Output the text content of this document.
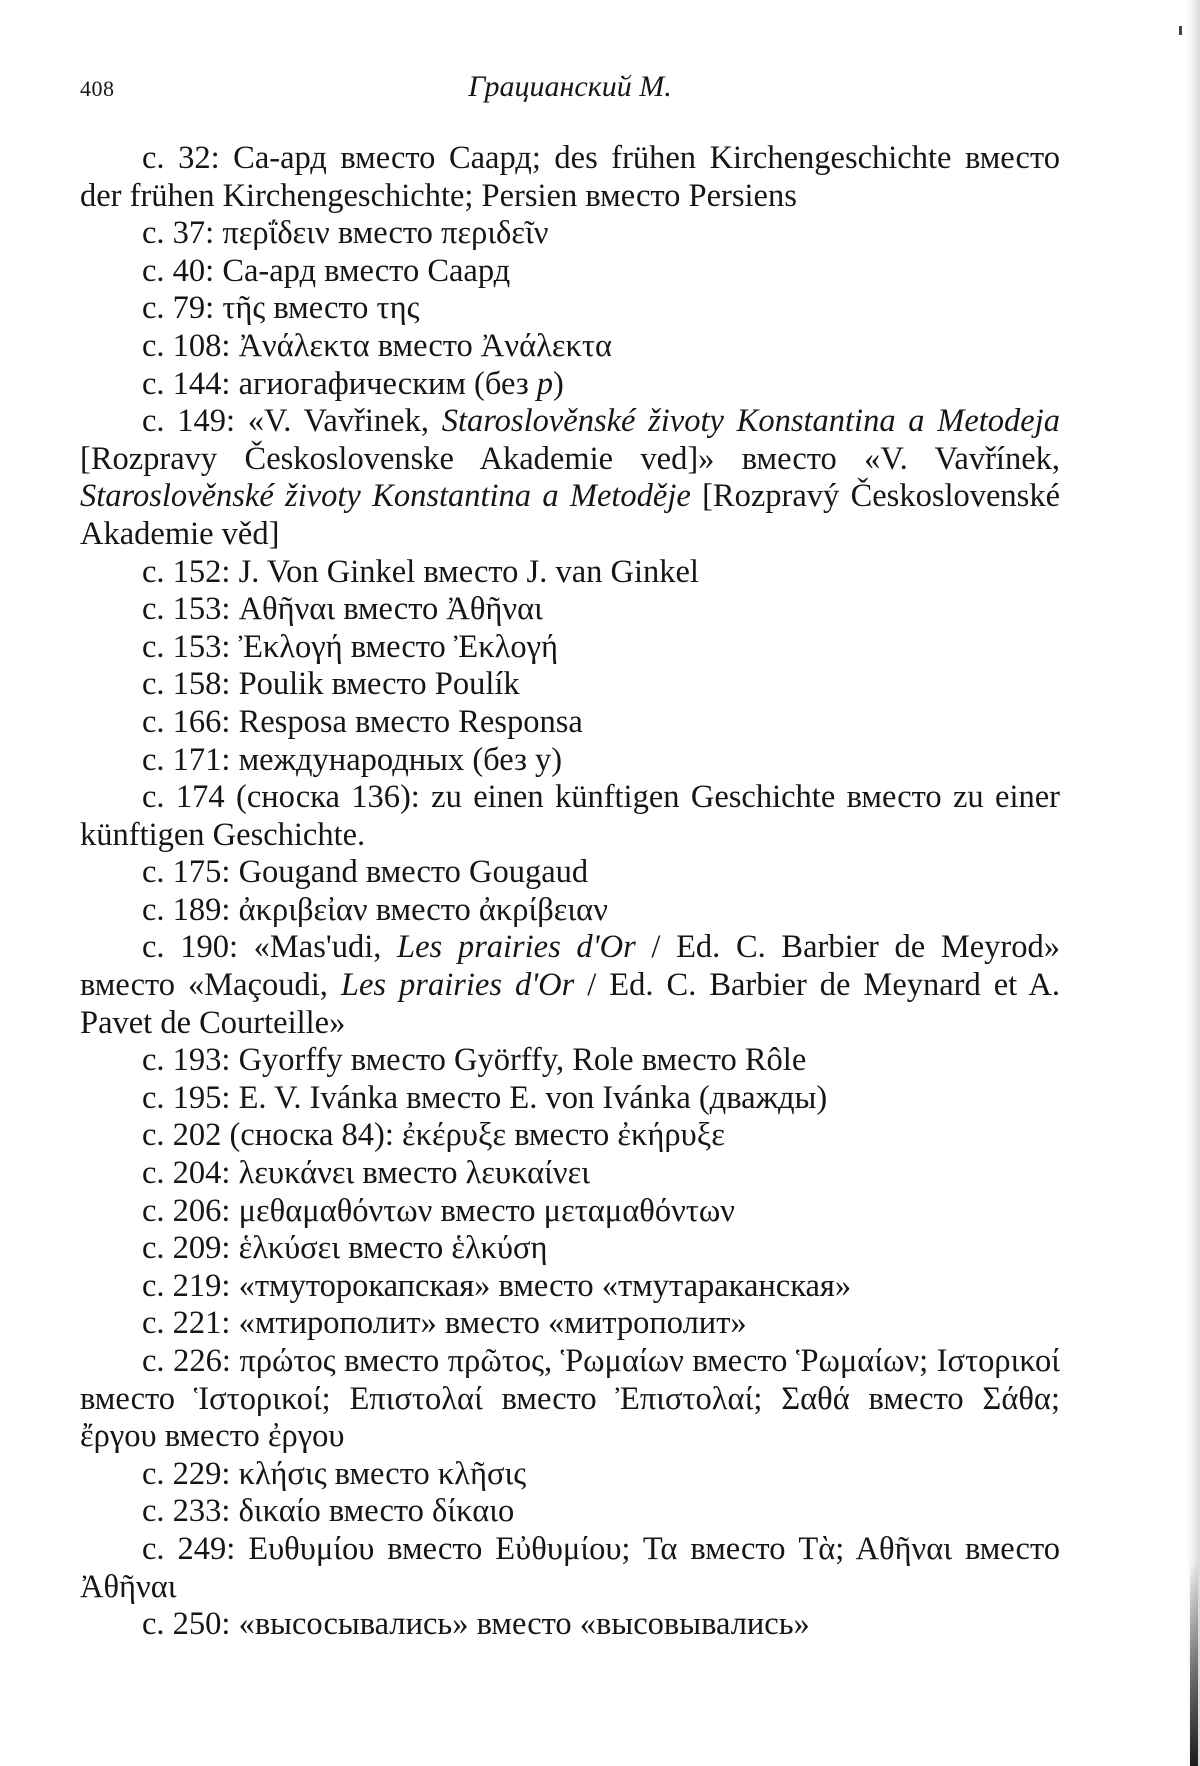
408	Грацианский М.

с. 32: Са-ард вместо Саард; des frühen Kirchengeschichte вместо der frühen Kirchengeschichte; Persien вместо Persiens

с. 37: περΐδειν вместо περιδεῖν

с. 40: Са-ард вместо Саард

с. 79: τῆς вместо της

с. 108: Ἀνάλεκτα вместо Ἀνάλεκτα

с. 144: агиогафическим (без р)

с. 149: «V. Vavřinek, Staroslověnské životy Konstantina a Metodeja [Rozpravy Československe Akademie ved]» вместо «V. Vavřínek, Staroslověnské životy Konstantina a Metoděje [Rozpravý Československé Akademie věd]

с. 152: J. Von Ginkel вместо J. van Ginkel

с. 153: Αθῆναι вместо Ἀθῆναι

с. 153: Ἐκλογή вместо Ἐκλογή

с. 158: Poulik вместо Poulík

с. 166: Resposa вместо Responsa

с. 171: международных (без у)

с. 174 (сноска 136): zu einen künftigen Geschichte вместо zu einer künftigen Geschichte.

с. 175: Gougand вместо Gougaud

с. 189: ἀκριβεἰαν вместо ἀκρίβειαν

с. 190: «Mas'udi, Les prairies d'Or / Ed. C. Barbier de Meyrod» вместо «Maçoudi, Les prairies d'Or / Ed. C. Barbier de Meynard et A. Pavet de Courteille»

с. 193: Gyorffy вместо Györffy, Role вместо Rôle

с. 195: E. V. Ivánka вместо E. von Ivánka (дважды)

с. 202 (сноска 84): ἐκέρυξε вместо ἐκήρυξε

с. 204: λευκάνει вместо λευκαίνει

с. 206: μεθαμαθόντων вместо μεταμαθόντων

с. 209: ἑλκύσει вместо ἑλκύση

с. 219: «тмуторокапская» вместо «тмутараканская»

с. 221: «мтирополит» вместо «митрополит»

с. 226: πρώτος вместо πρῶτος, Ῥωμαίων вместо Ῥωμαίων; Ιστορικοί вместо Ἱστορικοί; Επιστολαί вместо Ἐπιστολαί; Σαθά вместо Σάθα; ἔργου вместо ἐργου

с. 229: κλήσις вместо κλῆσις

с. 233: δικαίο вместо δίκαιο

с. 249: Ευθυμίου вместо Εὐθυμίου; Τα вместо Τὰ; Αθῆναι вместо Ἀθῆναι

с. 250: «высосывались» вместо «высовывались»
